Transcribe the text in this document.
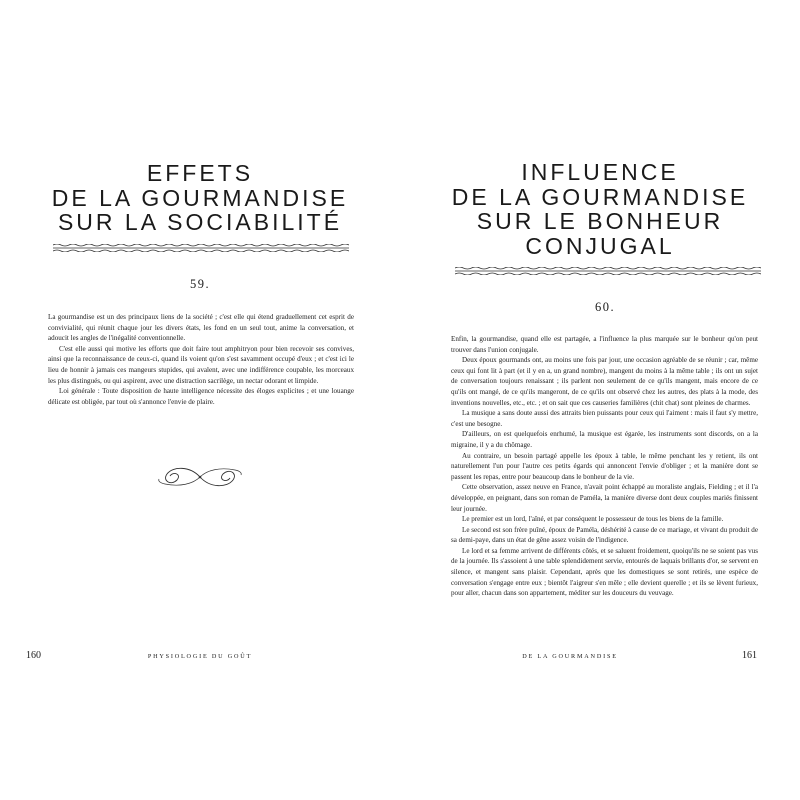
EFFETS
DE LA GOURMANDISE
SUR LA SOCIABILITÉ
59.

La gourmandise est un des principaux liens de la société ; c'est elle qui étend graduellement cet esprit de convivialité, qui réunit chaque jour les divers états, les fond en un seul tout, anime la conversation, et adoucit les angles de l'inégalité conventionnelle.

C'est elle aussi qui motive les efforts que doit faire tout amphitryon pour bien recevoir ses convives, ainsi que la reconnaissance de ceux-ci, quand ils voient qu'on s'est savamment occupé d'eux ; et c'est ici le lieu de honnir à jamais ces mangeurs stupides, qui avalent, avec une indifférence coupable, les morceaux les plus distingués, ou qui aspirent, avec une distraction sacrilège, un nectar odorant et limpide.

Loi générale : Toute disposition de haute intelligence nécessite des éloges explicites ; et une louange délicate est obligée, par tout où s'annonce l'envie de plaire.

160	PHYSIOLOGIE DU GOÛT
INFLUENCE
DE LA GOURMANDISE
SUR LE BONHEUR
CONJUGAL
60.

Enfin, la gourmandise, quand elle est partagée, a l'influence la plus marquée sur le bonheur qu'on peut trouver dans l'union conjugale.

Deux époux gourmands ont, au moins une fois par jour, une occasion agréable de se réunir ; car, même ceux qui font lit à part (et il y en a, un grand nombre), mangent du moins à la même table ; ils ont un sujet de conversation toujours renaissant ; ils parlent non seulement de ce qu'ils mangent, mais encore de ce qu'ils ont mangé, de ce qu'ils mangeront, de ce qu'ils ont observé chez les autres, des plats à la mode, des inventions nouvelles, etc., etc. ; et on sait que ces causeries familières (chit chat) sont pleines de charmes.

La musique a sans doute aussi des attraits bien puissants pour ceux qui l'aiment : mais il faut s'y mettre, c'est une besogne.

D'ailleurs, on est quelquefois enrhumé, la musique est égarée, les instruments sont discords, on a la migraine, il y a du chômage.

Au contraire, un besoin partagé appelle les époux à table, le même penchant les y retient, ils ont naturellement l'un pour l'autre ces petits égards qui annoncent l'envie d'obliger ; et la manière dont se passent les repas, entre pour beaucoup dans le bonheur de la vie.

Cette observation, assez neuve en France, n'avait point échappé au moraliste anglais, Fielding ; et il l'a développée, en peignant, dans son roman de Paméla, la manière diverse dont deux couples mariés finissent leur journée.

Le premier est un lord, l'aîné, et par conséquent le possesseur de tous les biens de la famille.

Le second est son frère puîné, époux de Paméla, déshérité à cause de ce mariage, et vivant du produit de sa demi-paye, dans un état de gêne assez voisin de l'indigence.

Le lord et sa femme arrivent de différents côtés, et se saluent froidement, quoiqu'ils ne se soient pas vus de la journée. Ils s'assoient à une table splendidement servie, entourés de laquais brillants d'or, se servent en silence, et mangent sans plaisir. Cependant, après que les domestiques se sont retirés, une espèce de conversation s'engage entre eux ; bientôt l'aigreur s'en mêle ; elle devient querelle ; et ils se lèvent furieux, pour aller, chacun dans son appartement, méditer sur les douceurs du veuvage.

DE LA GOURMANDISE	161
